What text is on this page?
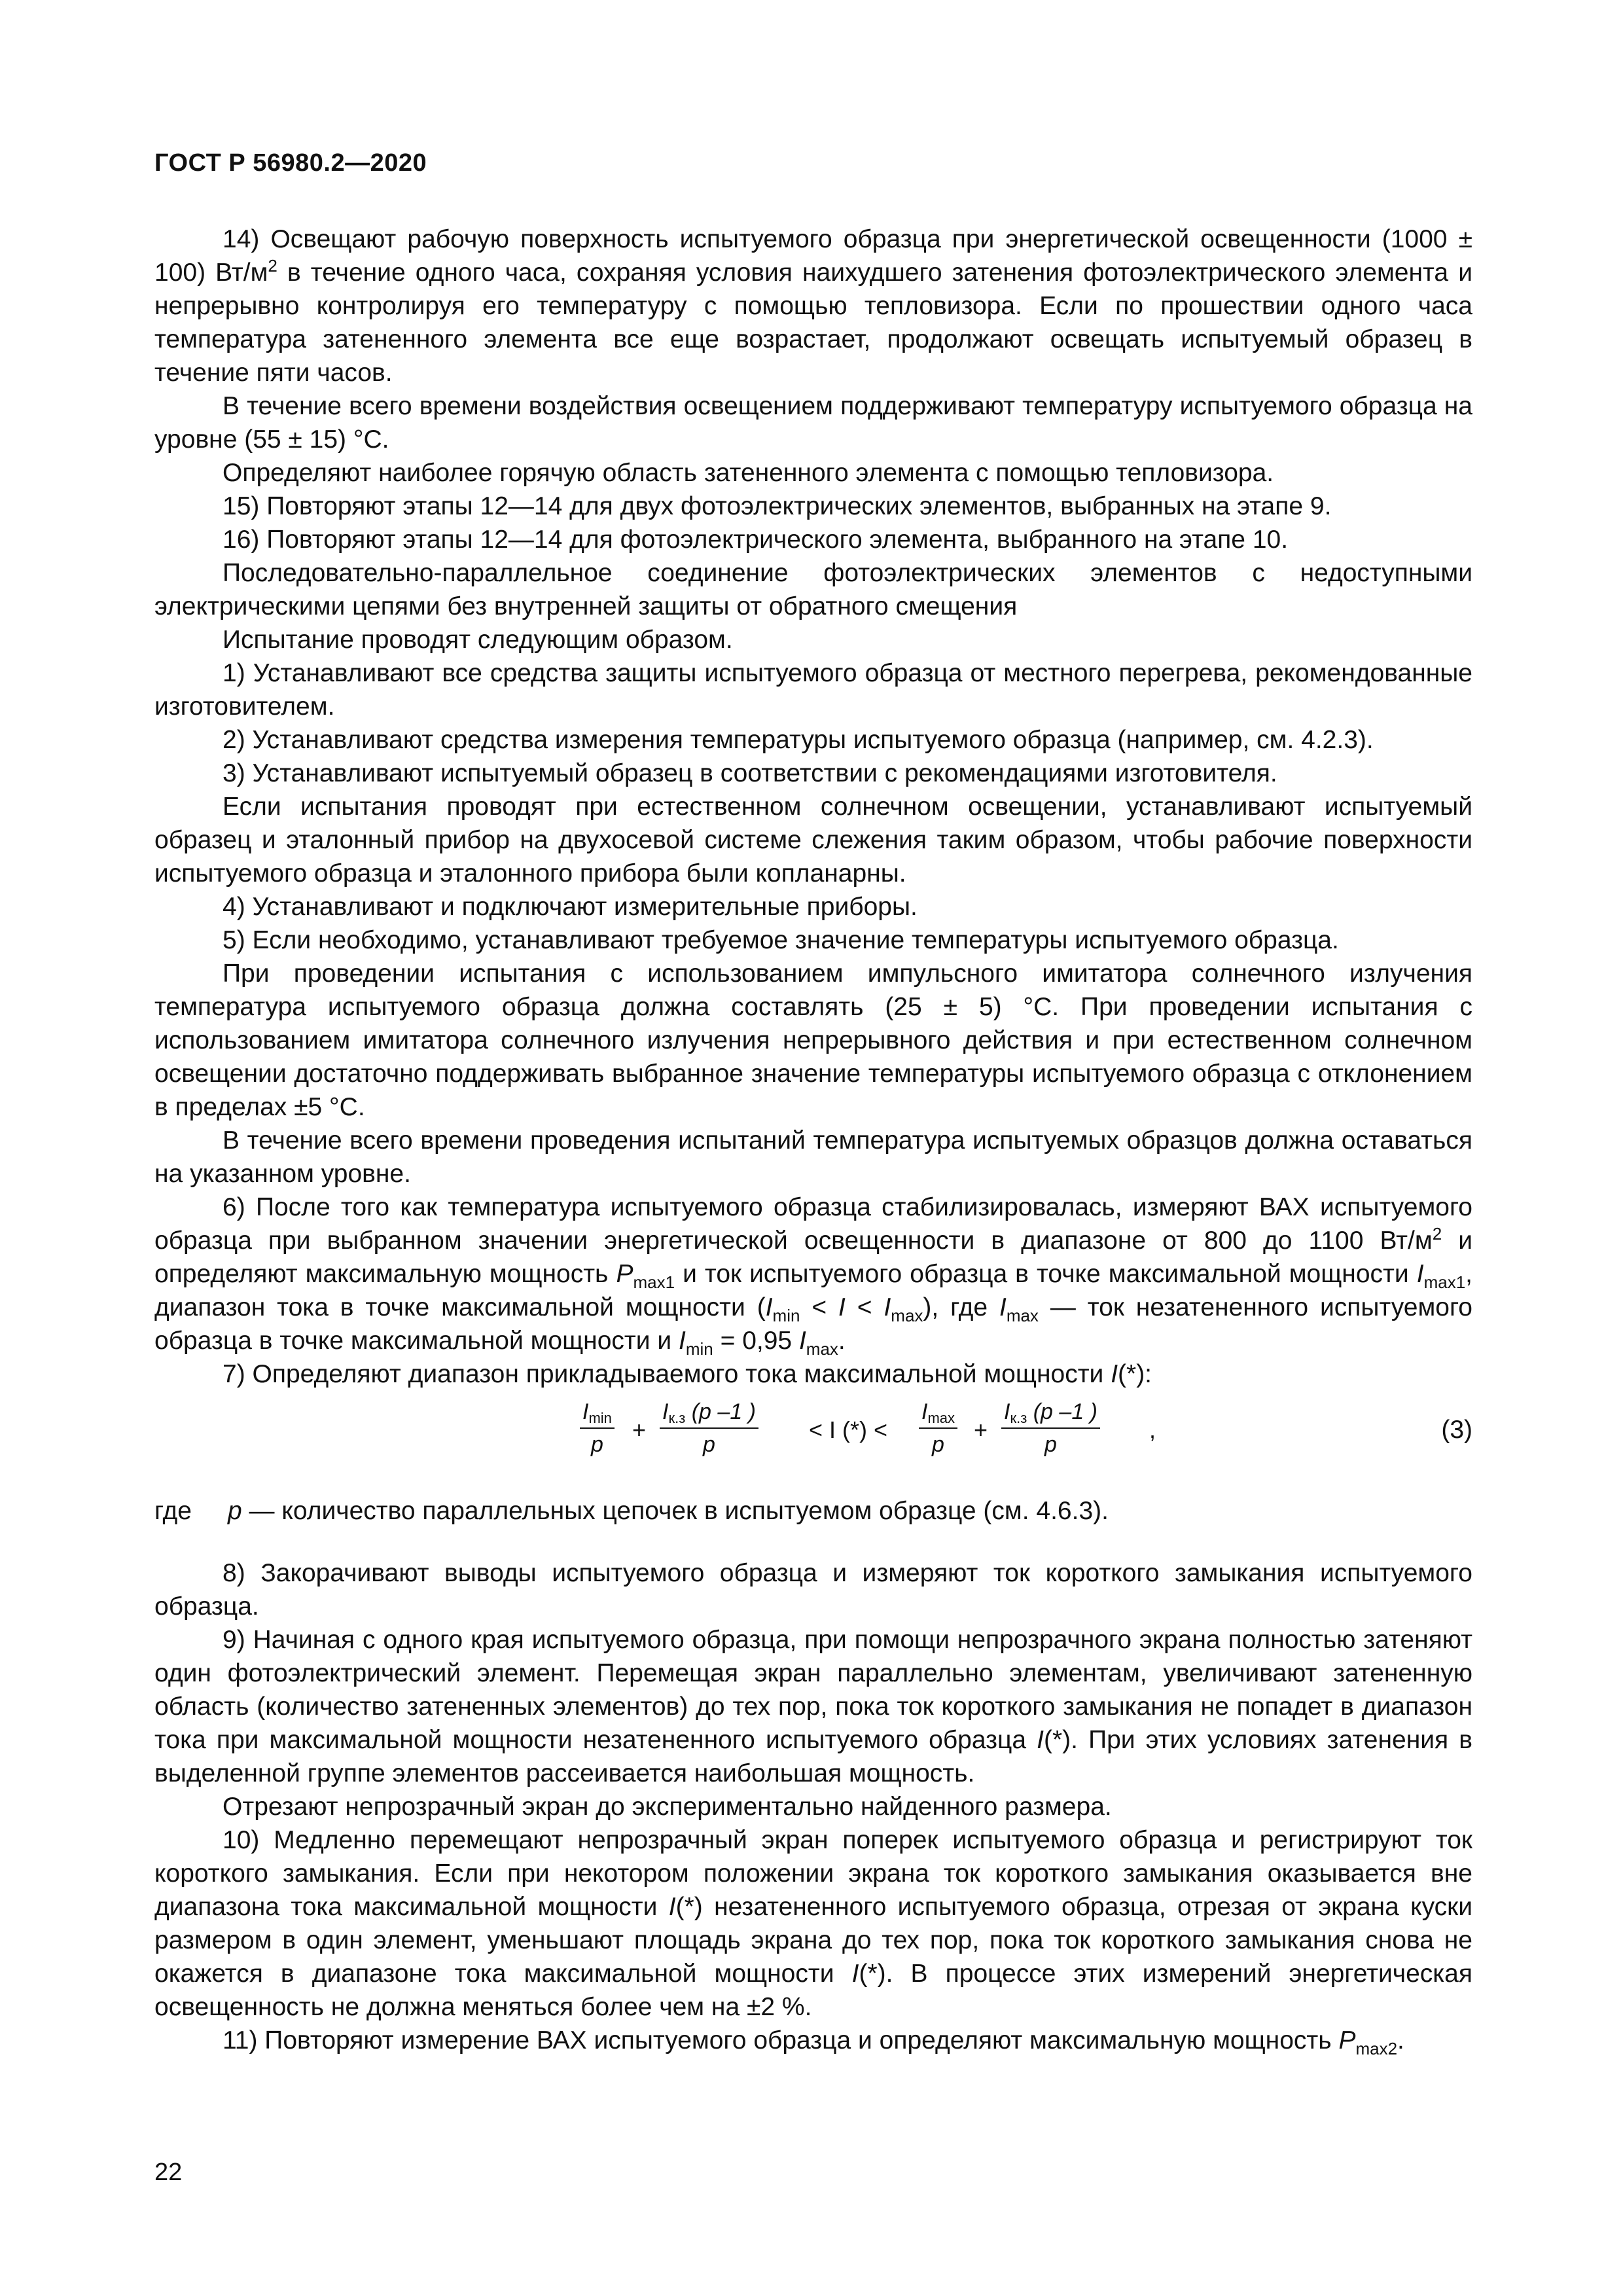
ГОСТ Р 56980.2—2020

14) Освещают рабочую поверхность испытуемого образца при энергетической освещенности (1000 ± 100) $Вт/м^2$ в течение одного часа, сохраняя условия наихудшего затенения фотоэлектрического элемента и непрерывно контролируя его температуру с помощью тепловизора. Если по прошествии одного часа температура затененного элемента все еще возрастает, продолжают освещать испытуемый образец в течение пяти часов.

В течение всего времени воздействия освещением поддерживают температуру испытуемого образца на уровне (55 ± 15) °С.

Определяют наиболее горячую область затененного элемента с помощью тепловизора.

15) Повторяют этапы 12—14 для двух фотоэлектрических элементов, выбранных на этапе 9.

16) Повторяют этапы 12—14 для фотоэлектрического элемента, выбранного на этапе 10.

Последовательно-параллельное соединение фотоэлектрических элементов с недоступными электрическими цепями без внутренней защиты от обратного смещения

Испытание проводят следующим образом.

1) Устанавливают все средства защиты испытуемого образца от местного перегрева, рекомендованные изготовителем.

2) Устанавливают средства измерения температуры испытуемого образца (например, см. 4.2.3).

3) Устанавливают испытуемый образец в соответствии с рекомендациями изготовителя.

Если испытания проводят при естественном солнечном освещении, устанавливают испытуемый образец и эталонный прибор на двухосевой системе слежения таким образом, чтобы рабочие поверхности испытуемого образца и эталонного прибора были копланарны.

4) Устанавливают и подключают измерительные приборы.

5) Если необходимо, устанавливают требуемое значение температуры испытуемого образца.

При проведении испытания с использованием импульсного имитатора солнечного излучения температура испытуемого образца должна составлять (25 ± 5) °С. При проведении испытания с использованием имитатора солнечного излучения непрерывного действия и при естественном солнечном освещении достаточно поддерживать выбранное значение температуры испытуемого образца с отклонением в пределах ±5 °С.

В течение всего времени проведения испытаний температура испытуемых образцов должна оставаться на указанном уровне.

6) После того как температура испытуемого образца стабилизировалась, измеряют ВАХ испытуемого образца при выбранном значении энергетической освещенности в диапазоне от 800 до 1100 $Вт/м^2$ и определяют максимальную мощность $P_{max1}$ и ток испытуемого образца в точке максимальной мощности $I_{max1}$, диапазон тока в точке максимальной мощности $(I_{min} < I < I_{max})$, где $I_{max}$ — ток незатененного испытуемого образца в точке максимальной мощности и $I_{min} = 0,95$ $I_{max}$.

7) Определяют диапазон прикладываемого тока максимальной мощности I(*):

Imin
p
+
Iк.з (p –1 )
p
< I (*) <
Imax
p
+
Iк.з (p –1 )
p
,	(3)

где p — количество параллельных цепочек в испытуемом образце (см. 4.6.3).

8) Закорачивают выводы испытуемого образца и измеряют ток короткого замыкания испытуемого образца.

9) Начиная с одного края испытуемого образца, при помощи непрозрачного экрана полностью затеняют один фотоэлектрический элемент. Перемещая экран параллельно элементам, увеличивают затененную область (количество затененных элементов) до тех пор, пока ток короткого замыкания не попадет в диапазон тока при максимальной мощности незатененного испытуемого образца I(*). При этих условиях затенения в выделенной группе элементов рассеивается наибольшая мощность.

Отрезают непрозрачный экран до экспериментально найденного размера.

10) Медленно перемещают непрозрачный экран поперек испытуемого образца и регистрируют ток короткого замыкания. Если при некотором положении экрана ток короткого замыкания оказывается вне диапазона тока максимальной мощности I(*) незатененного испытуемого образца, отрезая от экрана куски размером в один элемент, уменьшают площадь экрана до тех пор, пока ток короткого замыкания снова не окажется в диапазоне тока максимальной мощности I(*). В процессе этих измерений энергетическая освещенность не должна меняться более чем на ±2 %.

11) Повторяют измерение ВАХ испытуемого образца и определяют максимальную мощность $P_{max2}$.

22
